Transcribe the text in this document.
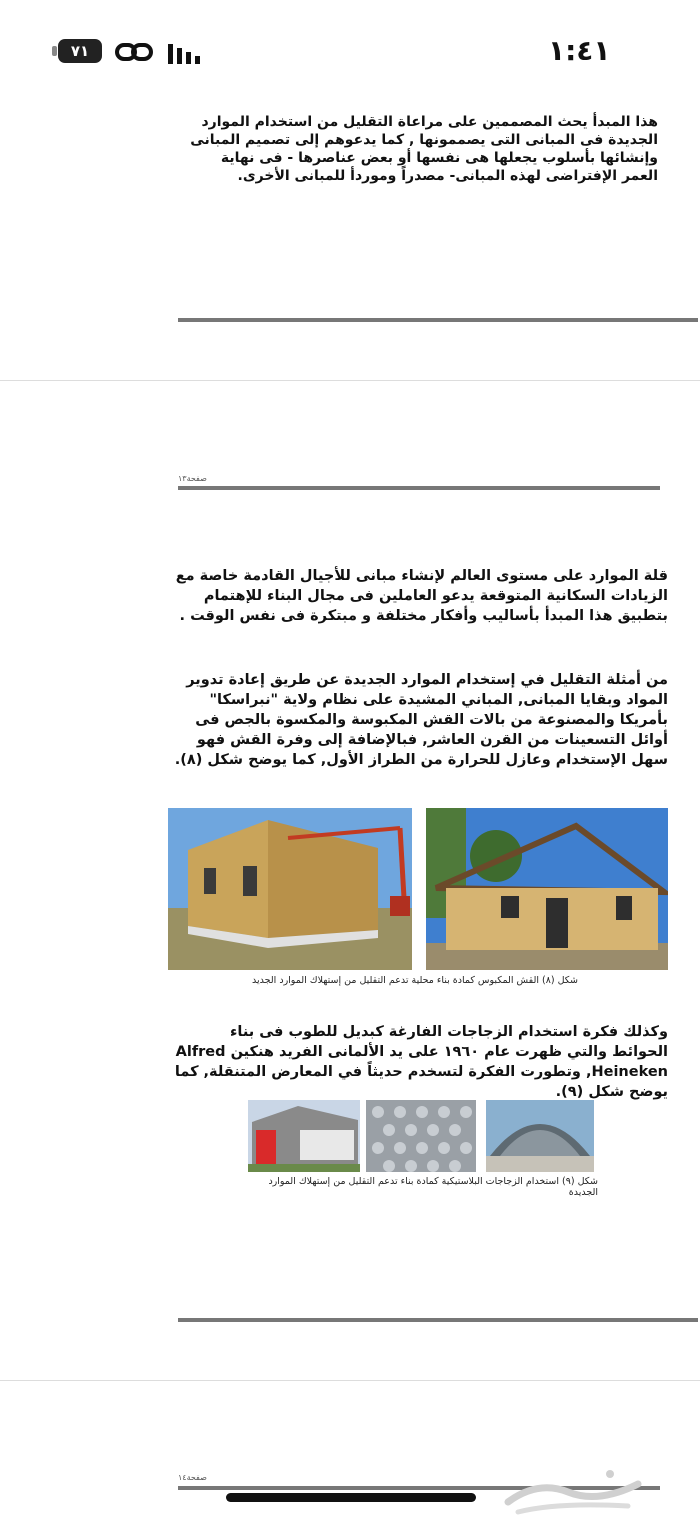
١:٤١
٧١
هذا المبدأ يحث المصممين على مراعاة التقليل من استخدام الموارد الجديدة فى المبانى التى يصممونها , كما يدعوهم إلى تصميم المبانى وإنشائها بأسلوب يجعلها هى نفسها أو بعض عناصرها - فى نهاية العمر الإفتراضى لهذه المبانى- مصدراً وموردأ للمبانى الأخرى.
صفحة١٣
قلة الموارد على مستوى العالم لإنشاء مبانى للأجيال القادمة خاصة مع الزيادات السكانية المتوقعة يدعو العاملين فى مجال البناء للإهتمام بتطبيق هذا المبدأ بأساليب وأفكار مختلفة و مبتكرة فى نفس الوقت .
من أمثلة التقليل في إستخدام الموارد الجديدة عن طريق إعادة تدوير المواد وبقايا المبانى, المباني المشيدة على نظام ولاية "نبراسكا" بأمريكا والمصنوعة من بالات القش المكبوسة والمكسوة بالجص فى أوائل التسعينات من القرن العاشر, فبالإضافة إلى وفرة القش فهو سهل الإستخدام وعازل للحرارة من الطراز الأول, كما يوضح شكل (٨).
شكل (٨) القش المكبوس كمادة بناء محلية تدعم التقليل من إستهلاك الموارد الجديد
وكذلك فكرة استخدام الزجاجات الفارغة كبديل للطوب فى بناء الحوائط والتي ظهرت عام ١٩٦٠ على يد الألمانى الفريد هنكين Alfred Heineken, وتطورت الفكرة لتسخدم حديثاً في المعارض المتنقلة, كما يوضح شكل (٩).
شكل (٩) استخدام الزجاجات البلاستيكية كمادة بناء تدعم التقليل من إستهلاك الموارد الجديدة
صفحة١٤
